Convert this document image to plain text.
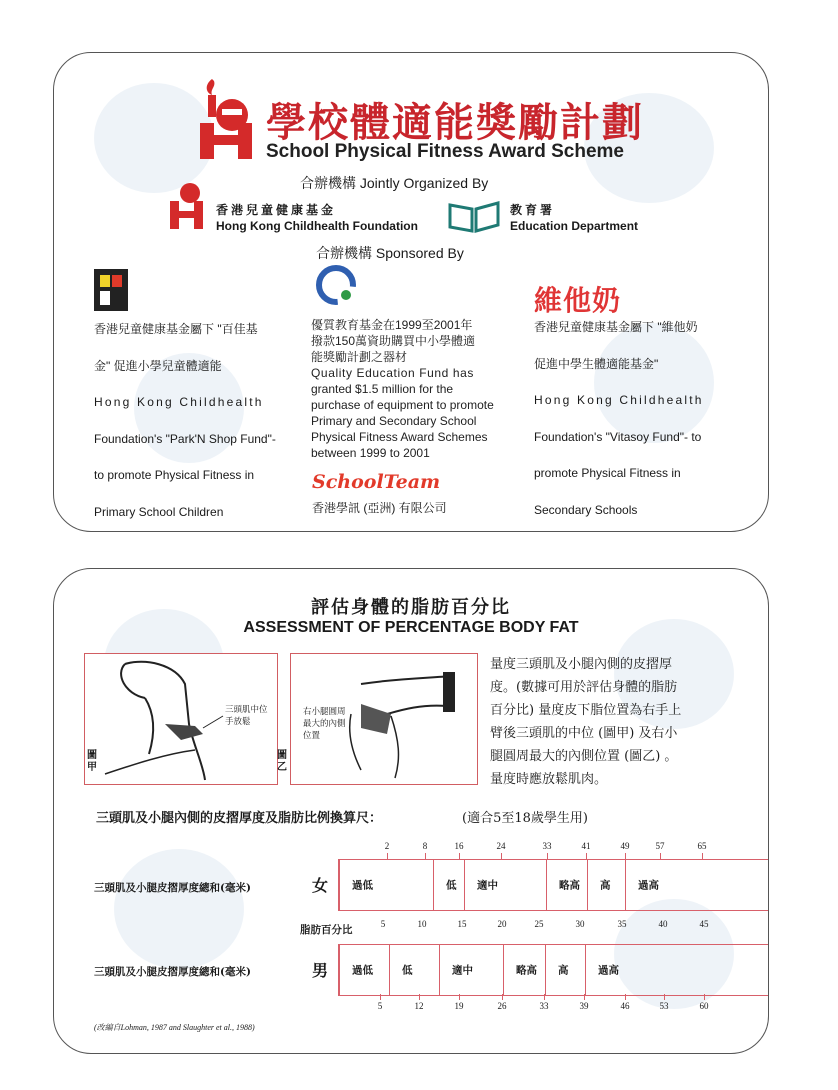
學校體適能獎勵計劃
School Physical Fitness Award Scheme
合辦機構 Jointly Organized By
香港兒童健康基金
Hong Kong Childhealth Foundation
教育署
Education Department
合辦機構 Sponsored By
香港兒童健康基金屬下 "百佳基
金" 促進小學兒童體適能
Hong Kong Childhealth
Foundation's "Park'N Shop Fund"-
to promote Physical Fitness in
Primary School Children
優質教育基金在1999至2001年
撥款150萬資助購買中小學體適
能獎勵計劃之器材
Quality Education Fund has
granted $1.5 million for the
purchase of equipment to promote
Primary and Secondary School
Physical Fitness Award Schemes
between 1999 to 2001
SchoolTeam
香港學訊 (亞洲) 有限公司
維他奶
香港兒童健康基金屬下 "維他奶
促進中學生體適能基金"
Hong Kong Childhealth
Foundation's "Vitasoy Fund"- to
promote Physical Fitness in
Secondary Schools
評估身體的脂肪百分比
ASSESSMENT OF PERCENTAGE BODY FAT
三頭肌中位手放鬆
圖甲
右小腿圓周最大的內側位置
圖乙
量度三頭肌及小腿內側的皮摺厚
度。(數據可用於評估身體的脂肪
百分比) 量度皮下脂位置為右手上
臂後三頭肌的中位 (圖甲) 及右小
腿圓周最大的內側位置 (圖乙) 。
量度時應放鬆肌肉。
三頭肌及小腿內側的皮摺厚度及脂肪比例換算尺：	(適合5至18歲學生用)
三頭肌及小腿皮摺厚度總和(毫米)	女 過低	低 適中	略高 高	過高
脂肪百分比
三頭肌及小腿皮摺厚度總和(毫米)	男 過低	低	適中	略高 高	過高
(改編自Lohman, 1987 and Slaughter et al., 1988)
2	8	16	24	33	41	49	57	65
5	10	15	20	25	30	35	40	45
5	12	19	26	33	39	46	53	60
